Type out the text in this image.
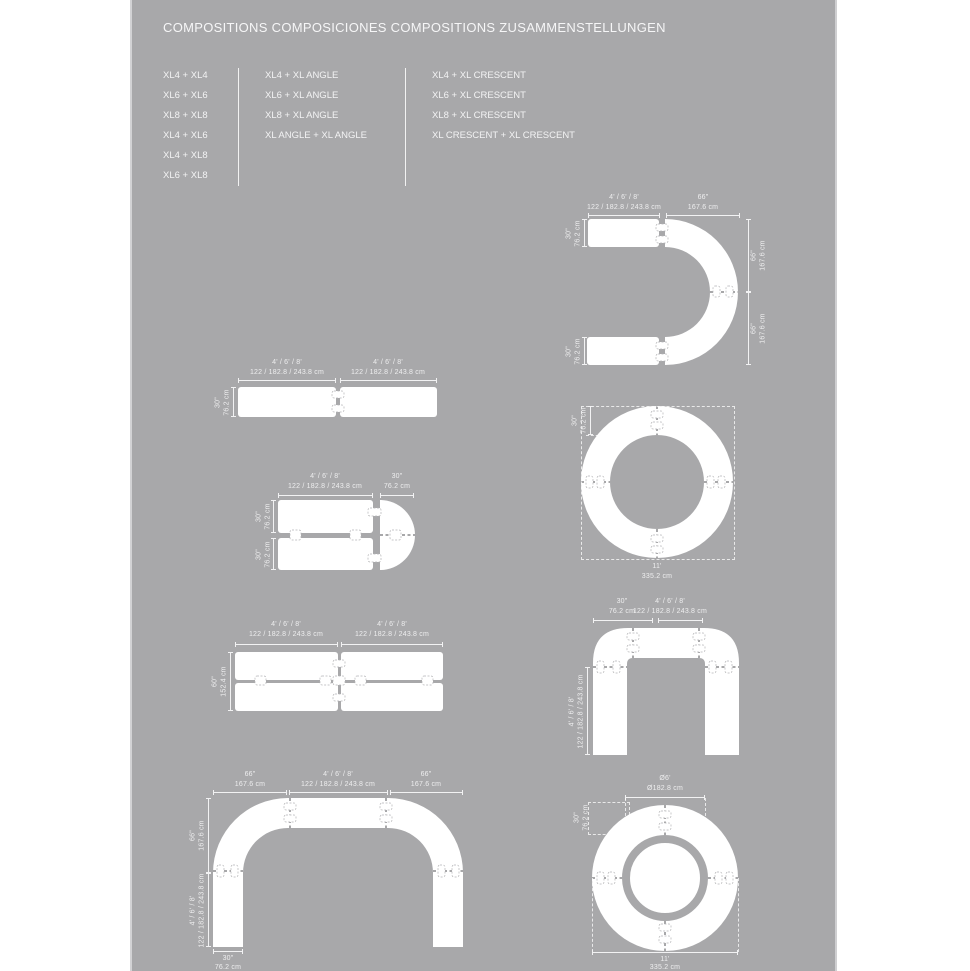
COMPOSITIONS COMPOSICIONES COMPOSITIONS ZUSAMMENSTELLUNGEN
XL4 + XL4
XL6 + XL6
XL8 + XL8
XL4 + XL6
XL4 + XL8
XL6 + XL8
XL4 + XL ANGLE
XL6 + XL ANGLE
XL8 + XL ANGLE
XL ANGLE + XL ANGLE
XL4 + XL CRESCENT
XL6 + XL CRESCENT
XL8 + XL CRESCENT
XL CRESCENT + XL CRESCENT
4' / 6' / 8'
122 / 182.8 / 243.8 cm
66"
167.6 cm
30" 76.2 cm
30" 76.2 cm
66" 167.6 cm
66" 167.6 cm
4' / 6' / 8'
122 / 182.8 / 243.8 cm
4' / 6' / 8'
122 / 182.8 / 243.8 cm
30" 76.2 cm
4' / 6' / 8'
122 / 182.8 / 243.8 cm
30"
76.2 cm
30" 76.2 cm
30" 76.2 cm
30" 76.2 cm
11'
335.2 cm
4' / 6' / 8'
122 / 182.8 / 243.8 cm
4' / 6' / 8'
122 / 182.8 / 243.8 cm
60" 152.4 cm
30"
76.2 cm
4' / 6' / 8'
122 / 182.8 / 243.8 cm
4' / 6' / 8' 122 / 182.8 / 243.8 cm
66"
167.6 cm
4' / 6' / 8'
122 / 182.8 / 243.8 cm
66"
167.6 cm
66" 167.6 cm
4' / 6' / 8' 122 / 182.8 / 243.8 cm
30"
76.2 cm
Ø6'
Ø182.8 cm
30" 76.2 cm
11'
335.2 cm
